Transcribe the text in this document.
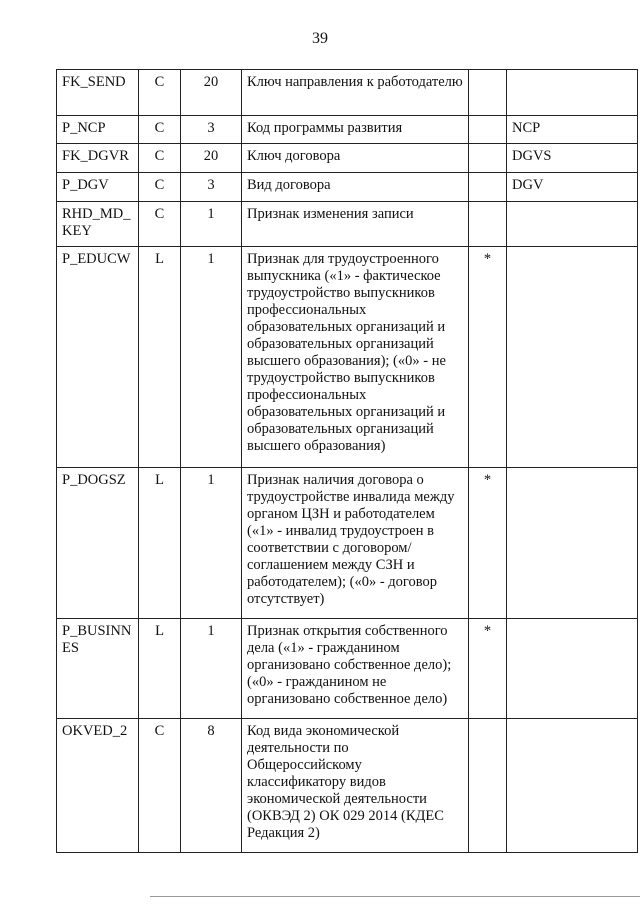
39
FK_SEND	C	20	Ключ направления к работодателю		
P_NCP	C	3	Код программы развития		NCP
FK_DGVR	C	20	Ключ договора		DGVS
P_DGV	C	3	Вид договора		DGV
RHD_MD_ KEY	C	1	Признак изменения записи		
P_EDUCW	L	1	Признак для трудоустроенного выпускника («1» - фактическое трудоустройство выпускников профессиональных образовательных организаций и образовательных организаций высшего образования); («0» - не трудоустройство выпускников профессиональных образовательных организаций и образовательных организаций высшего образования)	*	
P_DOGSZ	L	1	Признак наличия договора о трудоустройстве инвалида между органом ЦЗН и работодателем («1» - инвалид трудоустроен в соответствии с договором/соглашением между СЗН и работодателем); («0» - договор отсутствует)	*	
P_BUSINN ES	L	1	Признак открытия собственного дела («1» - гражданином организовано собственное дело); («0» - гражданином не организовано собственное дело)	*	
OKVED_2	C	8	Код вида экономической деятельности по Общероссийскому классификатору видов экономической деятельности (ОКВЭД 2) ОК 029 2014 (КДЕС Редакция 2)		
